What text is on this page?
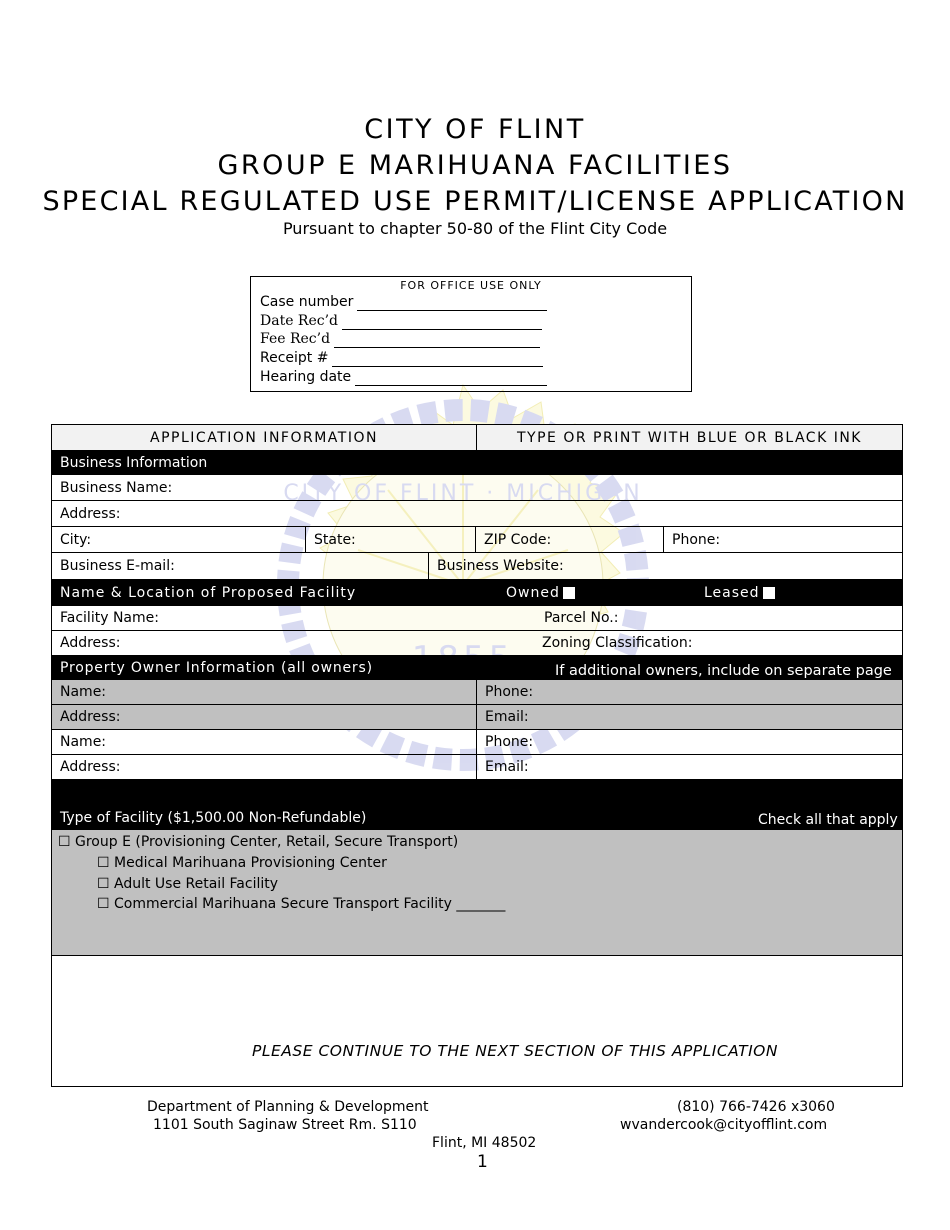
CITY OF FLINT
GROUP E MARIHUANA FACILITIES
SPECIAL REGULATED USE PERMIT/LICENSE APPLICATION
Pursuant to chapter 50-80 of the Flint City Code
CITY OF FLINT · MICHIGAN
FOR OFFICE USE ONLY
Case number
Date Rec’d
Fee Rec’d
Receipt #
Hearing date
APPLICATION INFORMATION	TYPE OR PRINT WITH BLUE OR BLACK INK
Business Information
Business Name:
Address:
City:	State:	ZIP Code:	Phone:
Business E-mail:	Business Website:
Name & Location of Proposed Facility	Owned	Leased
Facility Name:	Parcel No.:
Address:	Zoning Classification:
Property Owner Information (all owners)	If additional owners, include on separate page
Name:	Phone:
Address:	Email:
Name:	Phone:
Address:	Email:
Type of Facility ($1,500.00 Non-Refundable)	Check all that apply
☐ Group E (Provisioning Center, Retail, Secure Transport)
☐ Medical Marihuana Provisioning Center
☐ Adult Use Retail Facility
☐ Commercial Marihuana Secure Transport Facility _______
PLEASE CONTINUE TO THE NEXT SECTION OF THIS APPLICATION
Department of Planning & Development
1101 South Saginaw Street Rm. S110
Flint, MI 48502
(810) 766-7426 x3060
wvandercook@cityofflint.com
1
